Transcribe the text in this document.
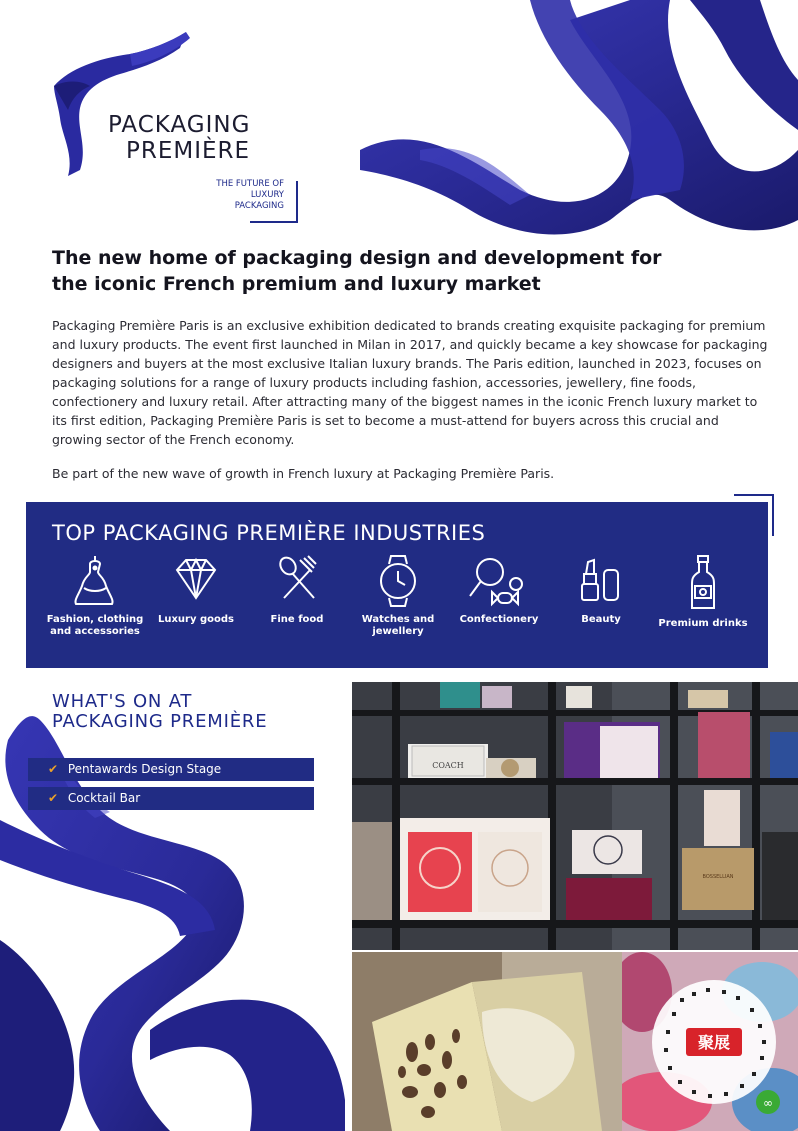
PACKAGING
PREMIÈRE
THE FUTURE OF
LUXURY
PACKAGING
The new home of packaging design and development for
the iconic French premium and luxury market

Packaging Première Paris is an exclusive exhibition dedicated to brands creating exquisite packaging for premium and luxury products. The event first launched in Milan in 2017, and quickly became a key showcase for packaging designers and buyers at the most exclusive Italian luxury brands. The Paris edition, launched in 2023, focuses on packaging solutions for a range of luxury products including fashion, accessories, jewellery, fine foods, confectionery and luxury retail. After attracting many of the biggest names in the iconic French luxury market to its first edition, Packaging Première Paris is set to become a must-attend for buyers across this crucial and growing sector of the French economy.

Be part of the new wave of growth in French luxury at Packaging Première Paris.

TOP PACKAGING PREMIÈRE INDUSTRIES
Fashion, clothing and accessories
Luxury goods	Fine food	Watches and jewellery
Confectionery	Beauty	Premium drinks
WHAT'S ON AT
PACKAGING PREMIÈRE
✔ Pentawards Design Stage
✔ Cocktail Bar
COACH
BOSSELLIAN
聚展
∞
